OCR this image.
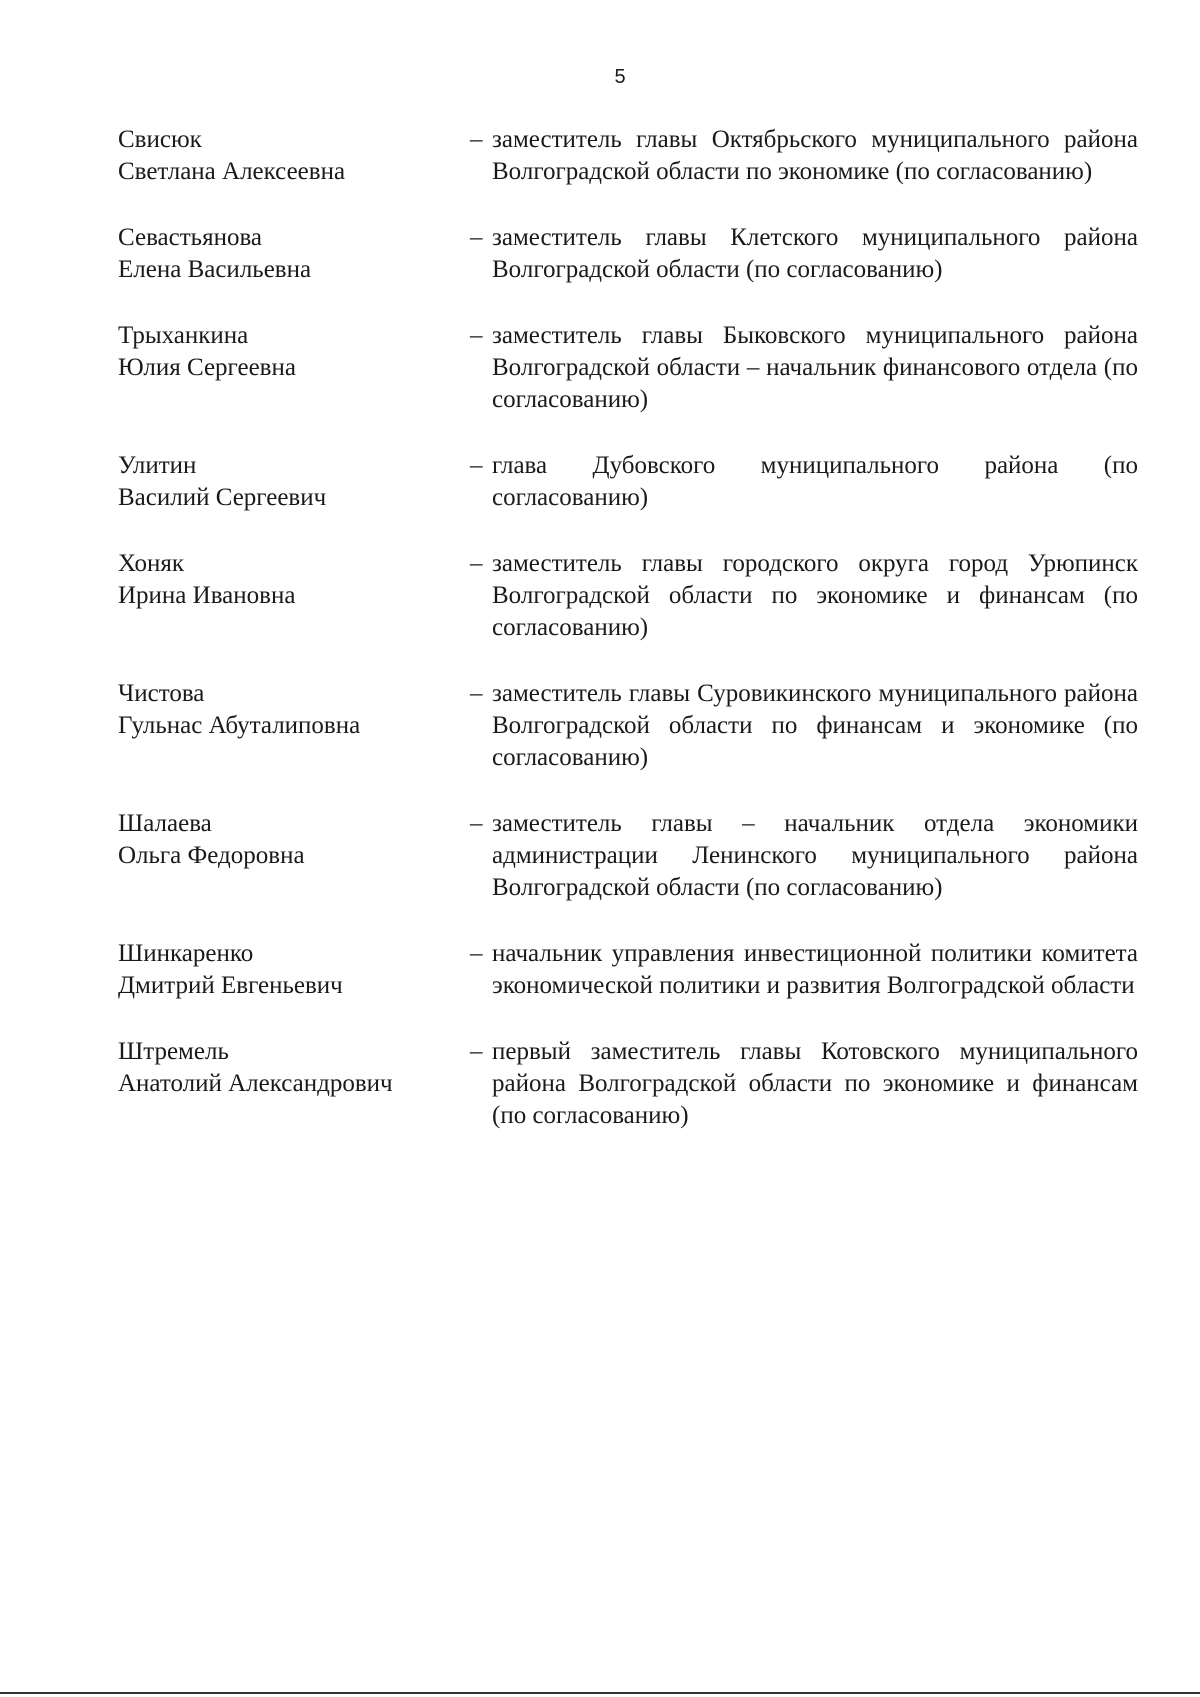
5
Свисюк
Светлана Алексеевна
– заместитель главы Октябрьского муниципального района Волгоградской области по экономике (по согласованию)
Севастьянова
Елена Васильевна
– заместитель главы Клетского муниципального района Волгоградской области (по согласованию)
Трыханкина
Юлия Сергеевна
– заместитель главы Быковского муниципального района Волгоградской области – начальник финансового отдела (по согласованию)
Улитин
Василий Сергеевич
– глава Дубовского муниципального района (по согласованию)
Хоняк
Ирина Ивановна
– заместитель главы городского округа город Урюпинск Волгоградской области по экономике и финансам (по согласованию)
Чистова
Гульнас Абуталиповна
– заместитель главы Суровикинского муниципального района Волгоградской области по финансам и экономике (по согласованию)
Шалаева
Ольга Федоровна
– заместитель главы – начальник отдела экономики администрации Ленинского муниципального района Волгоградской области (по согласованию)
Шинкаренко
Дмитрий Евгеньевич
– начальник управления инвестиционной политики комитета экономической политики и развития Волгоградской области
Штремель
Анатолий Александрович
– первый заместитель главы Котовского муниципального района Волгоградской области по экономике и финансам (по согласованию)
